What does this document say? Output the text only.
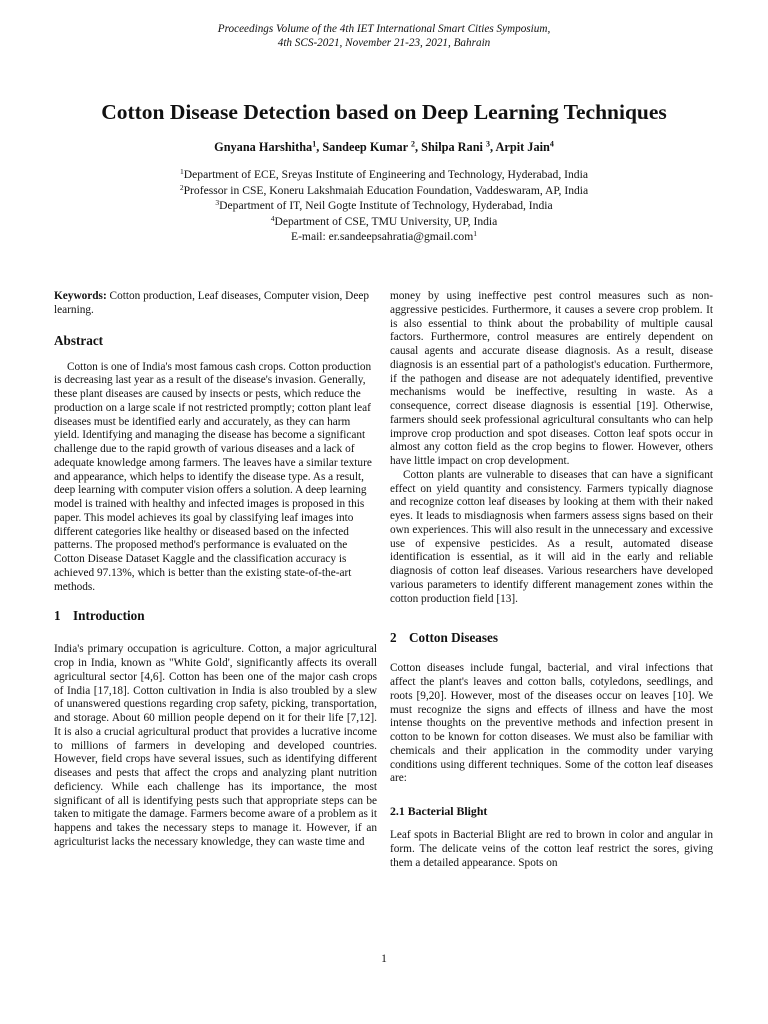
Proceedings Volume of the 4th IET International Smart Cities Symposium,
4th SCS-2021, November 21-23, 2021, Bahrain
Cotton Disease Detection based on Deep Learning Techniques
Gnyana Harshitha$^1$, Sandeep Kumar $^2$, Shilpa Rani $^3$, Arpit Jain$^4$
$^1$Department of ECE, Sreyas Institute of Engineering and Technology, Hyderabad, India
$^2$Professor in CSE, Koneru Lakshmaiah Education Foundation, Vaddeswaram, AP, India
$^3$Department of IT, Neil Gogte Institute of Technology, Hyderabad, India
$^4$Department of CSE, TMU University, UP, India
E-mail: er.sandeepsahratia@gmail.com$^1$

Keywords: Cotton production, Leaf diseases, Computer vision, Deep learning.

Abstract

Cotton is one of India's most famous cash crops. Cotton production is decreasing last year as a result of the disease's invasion. Generally, these plant diseases are caused by insects or pests, which reduce the production on a large scale if not restricted promptly; cotton plant leaf diseases must be identified early and accurately, as they can harm yield. Identifying and managing the disease has become a significant challenge due to the rapid growth of various diseases and a lack of adequate knowledge among farmers. The leaves have a similar texture and appearance, which helps to identify the disease type. As a result, deep learning with computer vision offers a solution. A deep learning model is trained with healthy and infected images is proposed in this paper. This model achieves its goal by classifying leaf images into different categories like healthy or diseased based on the infected patterns. The proposed method's performance is evaluated on the Cotton Disease Dataset Kaggle and the classification accuracy is achieved 97.13%, which is better than the existing state-of-the-art methods.

1 Introduction

India's primary occupation is agriculture. Cotton, a major agricultural crop in India, known as "White Gold', significantly affects its overall agricultural sector [4,6]. Cotton has been one of the major cash crops of India [17,18]. Cotton cultivation in India is also troubled by a slew of unanswered questions regarding crop safety, picking, transportation, and storage. About 60 million people depend on it for their life [7,12]. It is also a crucial agricultural product that provides a lucrative income to millions of farmers in developing and developed countries. However, field crops have several issues, such as identifying different diseases and pests that affect the crops and analyzing plant nutrition deficiency. While each challenge has its importance, the most significant of all is identifying pests such that appropriate steps can be taken to mitigate the damage. Farmers become aware of a problem as it happens and takes the necessary steps to manage it. However, if an agriculturist lacks the necessary knowledge, they can waste time and

money by using ineffective pest control measures such as non-aggressive pesticides. Furthermore, it causes a severe crop problem. It is also essential to think about the probability of multiple causal factors. Furthermore, control measures are entirely dependent on causal agents and accurate disease diagnosis. As a result, disease diagnosis is an essential part of a pathologist's education. Furthermore, if the pathogen and disease are not adequately identified, preventive mechanisms would be ineffective, resulting in waste. As a consequence, correct disease diagnosis is essential [19]. Otherwise, farmers should seek professional agricultural consultants who can help improve crop production and spot diseases. Cotton leaf spots occur in almost any cotton field as the crop begins to flower. However, others have little impact on crop development.

Cotton plants are vulnerable to diseases that can have a significant effect on yield quantity and consistency. Farmers typically diagnose and recognize cotton leaf diseases by looking at them with their naked eyes. It leads to misdiagnosis when farmers assess signs based on their own experiences. This will also result in the unnecessary and excessive use of expensive pesticides. As a result, automated disease identification is essential, as it will aid in the early and reliable diagnosis of cotton leaf diseases. Various researchers have developed various parameters to identify different management zones within the cotton production field [13].

2 Cotton Diseases

Cotton diseases include fungal, bacterial, and viral infections that affect the plant's leaves and cotton balls, cotyledons, seedlings, and roots [9,20]. However, most of the diseases occur on leaves [10]. We must recognize the signs and effects of illness and have the most intense thoughts on the preventive methods and infection present in cotton to be known for cotton diseases. We must also be familiar with chemicals and their application in the commodity under varying conditions using different techniques. Some of the cotton leaf diseases are:

2.1 Bacterial Blight

Leaf spots in Bacterial Blight are red to brown in color and angular in form. The delicate veins of the cotton leaf restrict the sores, giving them a detailed appearance. Spots on

1
